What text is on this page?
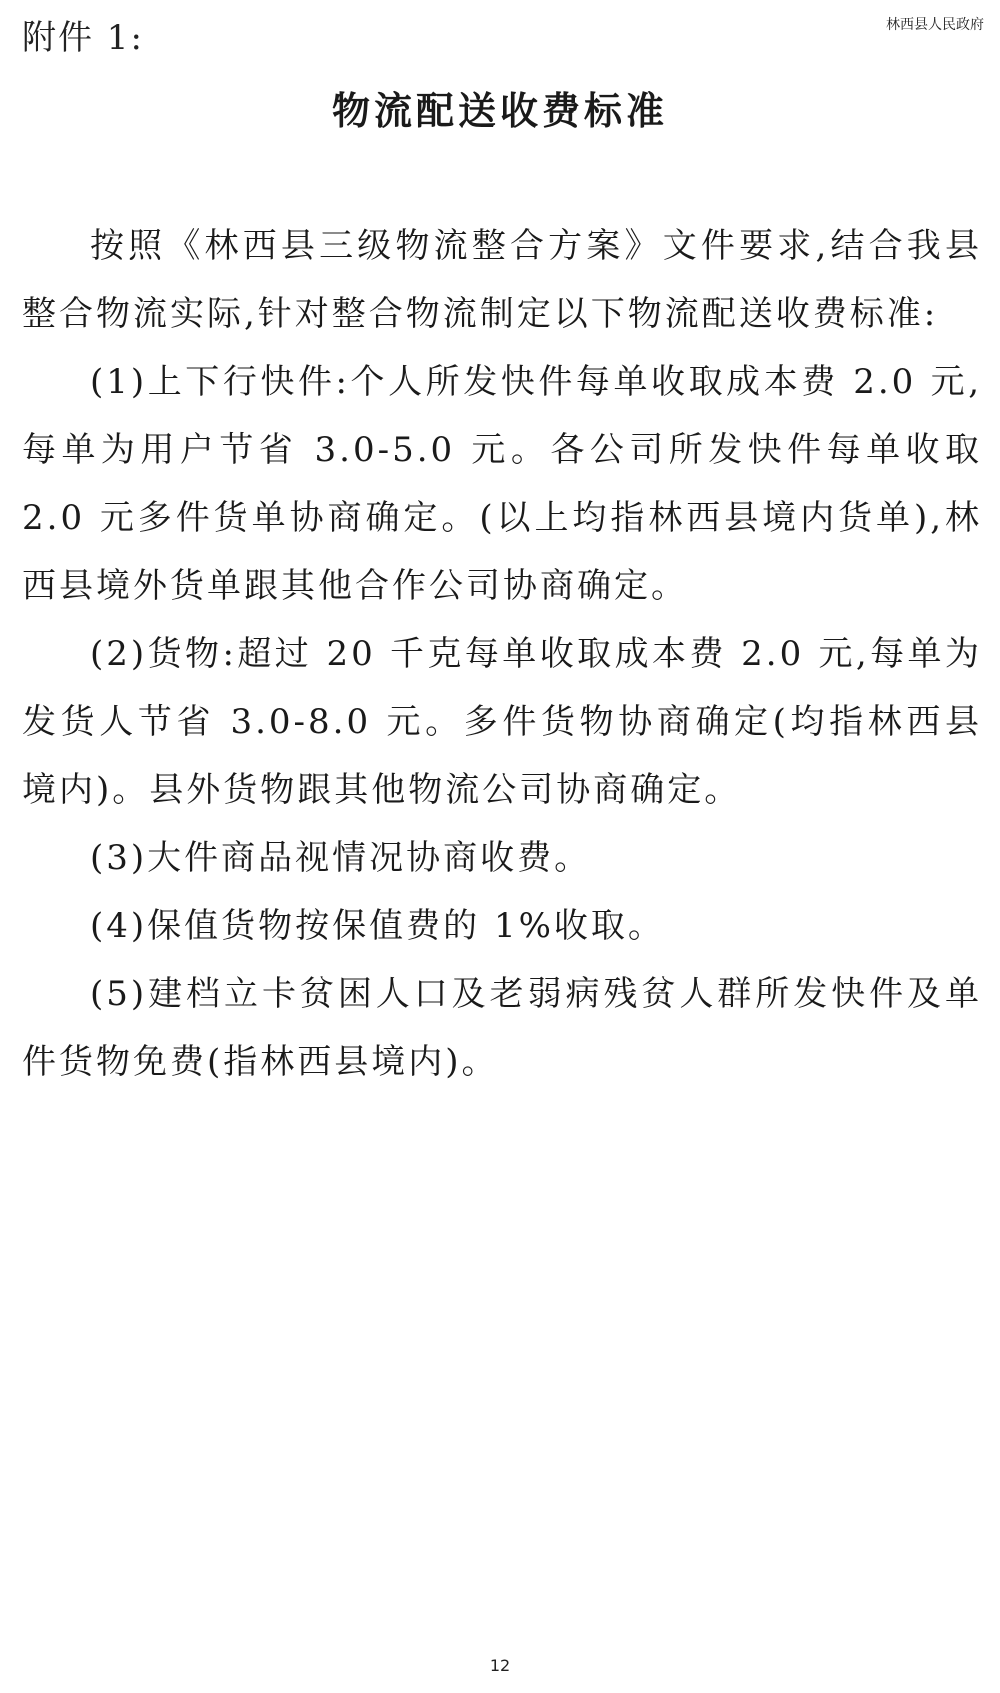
附件 1:	林西县人民政府
物流配送收费标准

按照《林西县三级物流整合方案》文件要求,结合我县整合物流实际,针对整合物流制定以下物流配送收费标准:

(1)上下行快件:个人所发快件每单收取成本费 2.0 元,每单为用户节省 3.0-5.0 元。各公司所发快件每单收取 2.0 元多件货单协商确定。(以上均指林西县境内货单),林西县境外货单跟其他合作公司协商确定。

(2)货物:超过 20 千克每单收取成本费 2.0 元,每单为发货人节省 3.0-8.0 元。多件货物协商确定(均指林西县境内)。县外货物跟其他物流公司协商确定。

(3)大件商品视情况协商收费。

(4)保值货物按保值费的 1%收取。

(5)建档立卡贫困人口及老弱病残贫人群所发快件及单件货物免费(指林西县境内)。

12
